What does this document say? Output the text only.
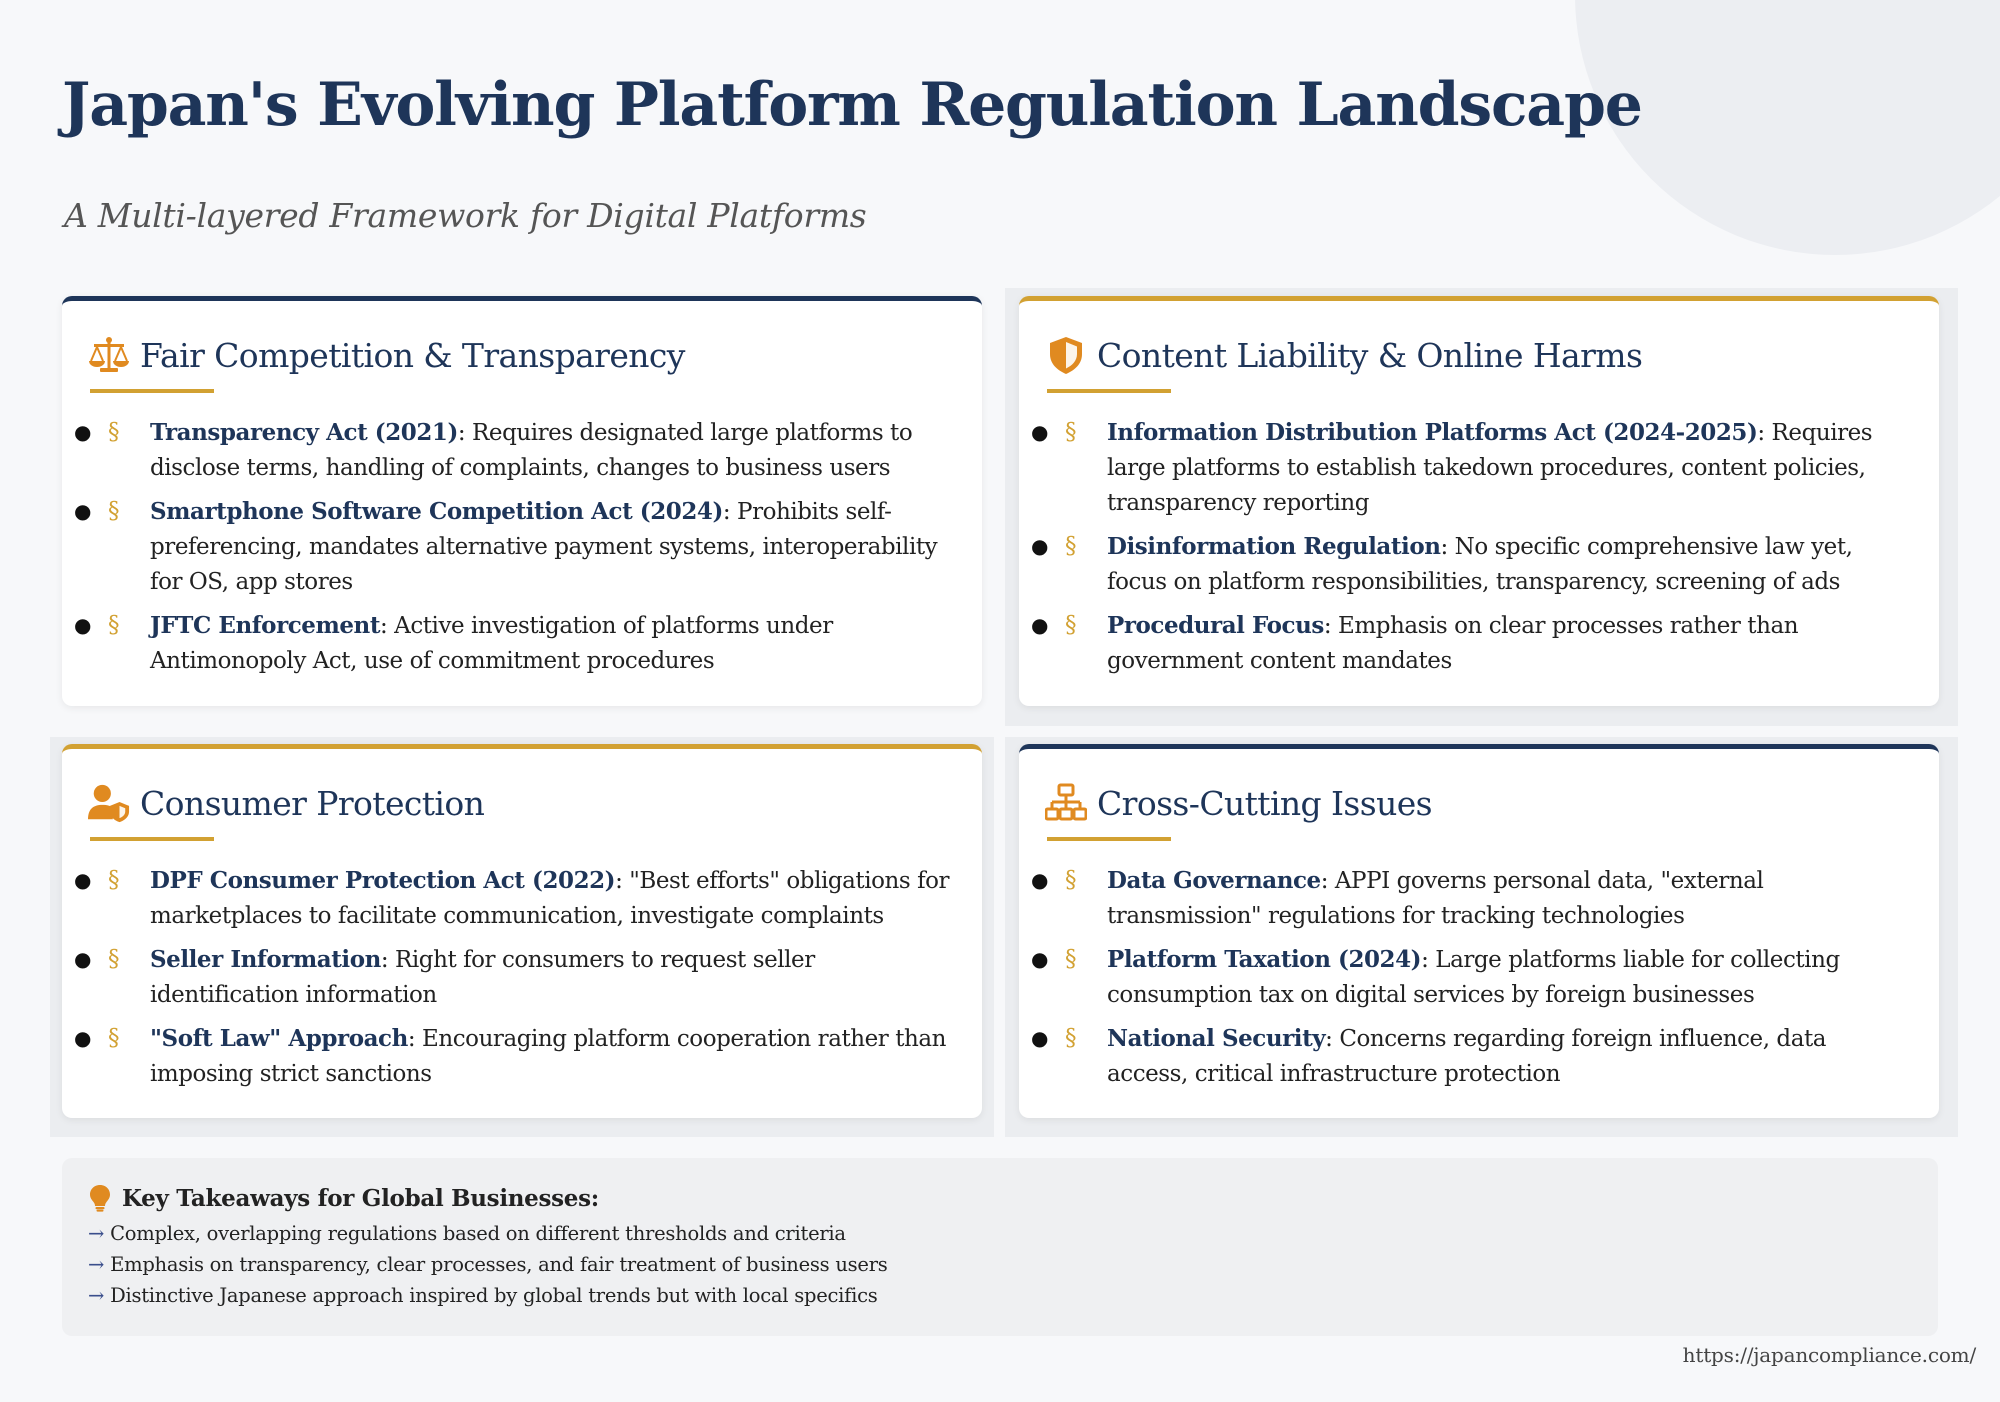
Japan's Evolving Platform Regulation Landscape
A Multi-layered Framework for Digital Platforms
Fair Competition & Transparency
● § Transparency Act (2021): Requires designated large platforms to disclose terms, handling of complaints, changes to business users
● § Smartphone Software Competition Act (2024): Prohibits self-preferencing, mandates alternative payment systems, interoperability for OS, app stores
● § JFTC Enforcement: Active investigation of platforms under Antimonopoly Act, use of commitment procedures
Content Liability & Online Harms
● § Information Distribution Platforms Act (2024-2025): Requires large platforms to establish takedown procedures, content policies, transparency reporting
● § Disinformation Regulation: No specific comprehensive law yet, focus on platform responsibilities, transparency, screening of ads
● § Procedural Focus: Emphasis on clear processes rather than government content mandates
Consumer Protection
● § DPF Consumer Protection Act (2022): "Best efforts" obligations for marketplaces to facilitate communication, investigate complaints
● § Seller Information: Right for consumers to request seller identification information
● § "Soft Law" Approach: Encouraging platform cooperation rather than imposing strict sanctions
Cross-Cutting Issues
● § Data Governance: APPI governs personal data, "external transmission" regulations for tracking technologies
● § Platform Taxation (2024): Large platforms liable for collecting consumption tax on digital services by foreign businesses
● § National Security: Concerns regarding foreign influence, data access, critical infrastructure protection
Key Takeaways for Global Businesses:
→ Complex, overlapping regulations based on different thresholds and criteria
→ Emphasis on transparency, clear processes, and fair treatment of business users
→ Distinctive Japanese approach inspired by global trends but with local specifics
https://japancompliance.com/
